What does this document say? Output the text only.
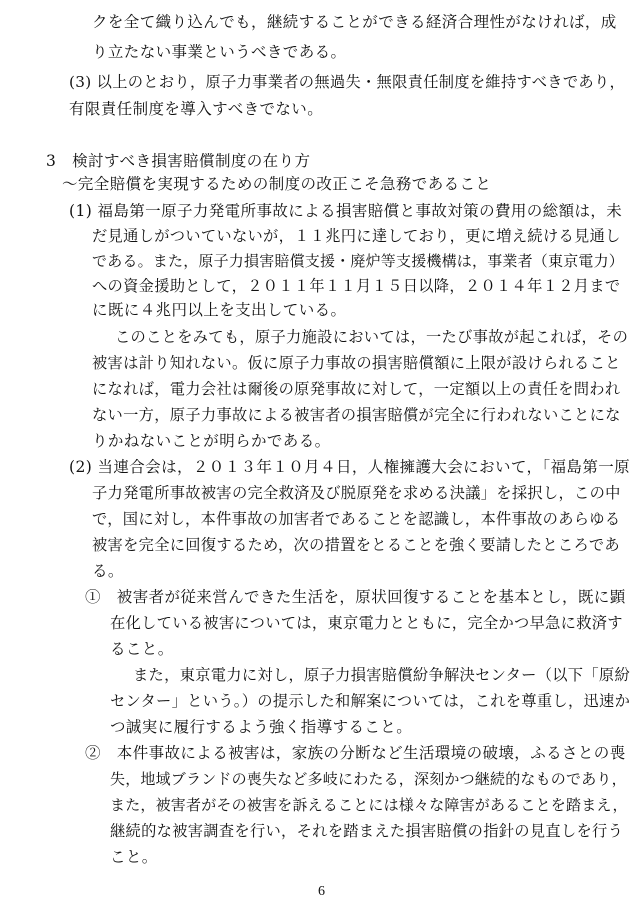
クを全て織り込んでも，継続することができる経済合理性がなければ，成
り立たない事業というべきである。
(3) 以上のとおり，原子力事業者の無過失・無限責任制度を維持すべきであり，
有限責任制度を導入すべきでない。
3　検討すべき損害賠償制度の在り方
～完全賠償を実現するための制度の改正こそ急務であること
(1) 福島第一原子力発電所事故による損害賠償と事故対策の費用の総額は，未
だ見通しがついていないが，１１兆円に達しており，更に増え続ける見通し
である。また，原子力損害賠償支援・廃炉等支援機構は，事業者（東京電力）
への資金援助として，２０１１年１１月１５日以降，２０１４年１２月まで
に既に４兆円以上を支出している。
このことをみても，原子力施設においては，一たび事故が起これば，その
被害は計り知れない。仮に原子力事故の損害賠償額に上限が設けられること
になれば，電力会社は爾後の原発事故に対して，一定額以上の責任を問われ
ない一方，原子力事故による被害者の損害賠償が完全に行われないことにな
りかねないことが明らかである。
(2) 当連合会は，２０１３年１０月４日，人権擁護大会において，「福島第一原
子力発電所事故被害の完全救済及び脱原発を求める決議」を採択し，この中
で，国に対し，本件事故の加害者であることを認識し，本件事故のあらゆる
被害を完全に回復するため，次の措置をとることを強く要請したところであ
る。
①　被害者が従来営んできた生活を，原状回復することを基本とし，既に顕
在化している被害については，東京電力とともに，完全かつ早急に救済す
ること。
また，東京電力に対し，原子力損害賠償紛争解決センター（以下「原紛
センター」という。）の提示した和解案については，これを尊重し，迅速か
つ誠実に履行するよう強く指導すること。
②　本件事故による被害は，家族の分断など生活環境の破壊，ふるさとの喪
失，地域ブランドの喪失など多岐にわたる，深刻かつ継続的なものであり，
また，被害者がその被害を訴えることには様々な障害があることを踏まえ，
継続的な被害調査を行い，それを踏まえた損害賠償の指針の見直しを行う
こと。
6
